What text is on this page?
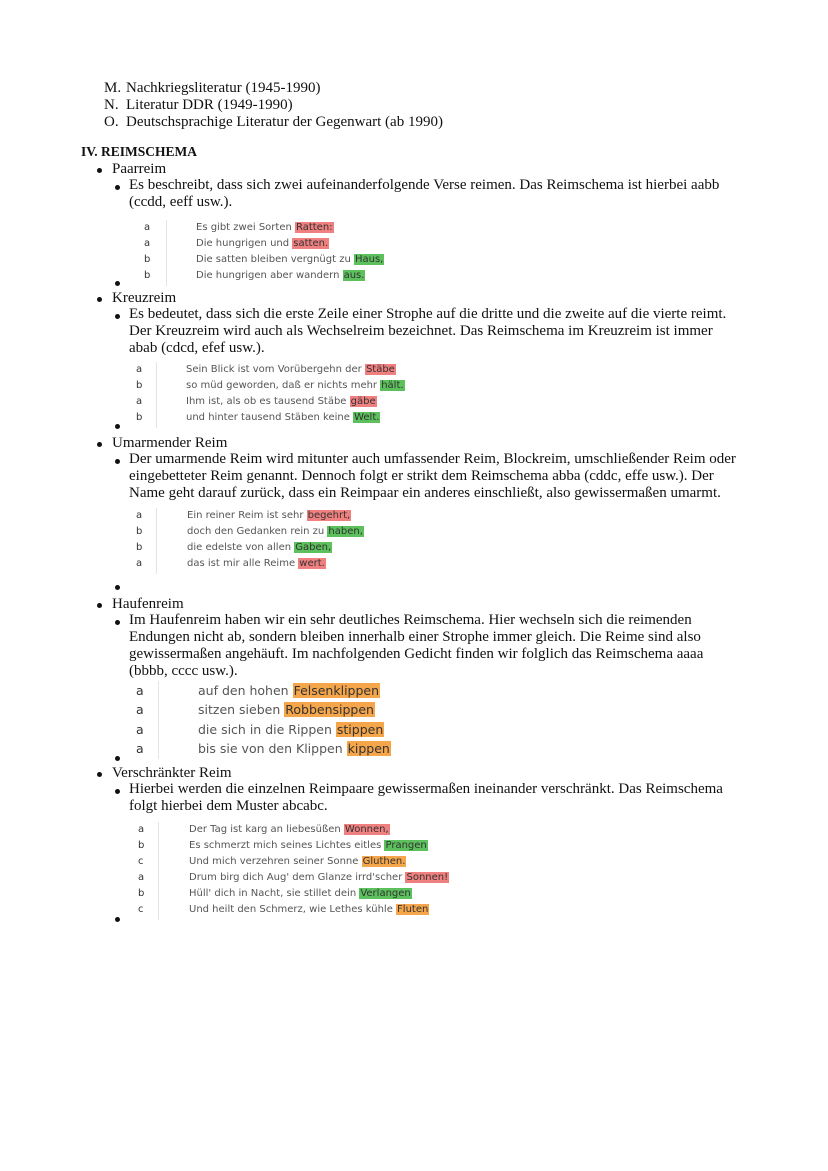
M. Nachkriegsliteratur (1945-1990)
N. Literatur DDR (1949-1990)
O. Deutschsprachige Literatur der Gegenwart (ab 1990)
IV. REIMSCHEMA
Paarreim
Es beschreibt, dass sich zwei aufeinanderfolgende Verse reimen. Das Reimschema ist hierbei aabb
(ccdd, eeff usw.).
a	Es gibt zwei Sorten Ratten:
a	Die hungrigen und satten.
b	Die satten bleiben vergnügt zu Haus,
b	Die hungrigen aber wandern aus.
Kreuzreim
Es bedeutet, dass sich die erste Zeile einer Strophe auf die dritte und die zweite auf die vierte reimt.
Der Kreuzreim wird auch als Wechselreim bezeichnet. Das Reimschema im Kreuzreim ist immer
abab (cdcd, efef usw.).
a	Sein Blick ist vom Vorübergehn der Stäbe
b	so müd geworden, daß er nichts mehr hält.
a	Ihm ist, als ob es tausend Stäbe gäbe
b	und hinter tausend Stäben keine Welt.
Umarmender Reim
Der umarmende Reim wird mitunter auch umfassender Reim, Blockreim, umschließender Reim oder
eingebetteter Reim genannt. Dennoch folgt er strikt dem Reimschema abba (cddc, effe usw.). Der
Name geht darauf zurück, dass ein Reimpaar ein anderes einschließt, also gewissermaßen umarmt.
a	Ein reiner Reim ist sehr begehrt,
b	doch den Gedanken rein zu haben,
b	die edelste von allen Gaben,
a	das ist mir alle Reime wert.
Haufenreim
Im Haufenreim haben wir ein sehr deutliches Reimschema. Hier wechseln sich die reimenden
Endungen nicht ab, sondern bleiben innerhalb einer Strophe immer gleich. Die Reime sind also
gewissermaßen angehäuft. Im nachfolgenden Gedicht finden wir folglich das Reimschema aaaa
(bbbb, cccc usw.).
a	auf den hohen Felsenklippen
a	sitzen sieben Robbensippen
a	die sich in die Rippen stippen
a	bis sie von den Klippen kippen
Verschränkter Reim
Hierbei werden die einzelnen Reimpaare gewissermaßen ineinander verschränkt. Das Reimschema
folgt hierbei dem Muster abcabc.
a	Der Tag ist karg an liebesüßen Wonnen,
b	Es schmerzt mich seines Lichtes eitles Prangen
c	Und mich verzehren seiner Sonne Gluthen.
a	Drum birg dich Aug' dem Glanze irrd'scher Sonnen!
b	Hüll' dich in Nacht, sie stillet dein Verlangen
c	Und heilt den Schmerz, wie Lethes kühle Fluten
